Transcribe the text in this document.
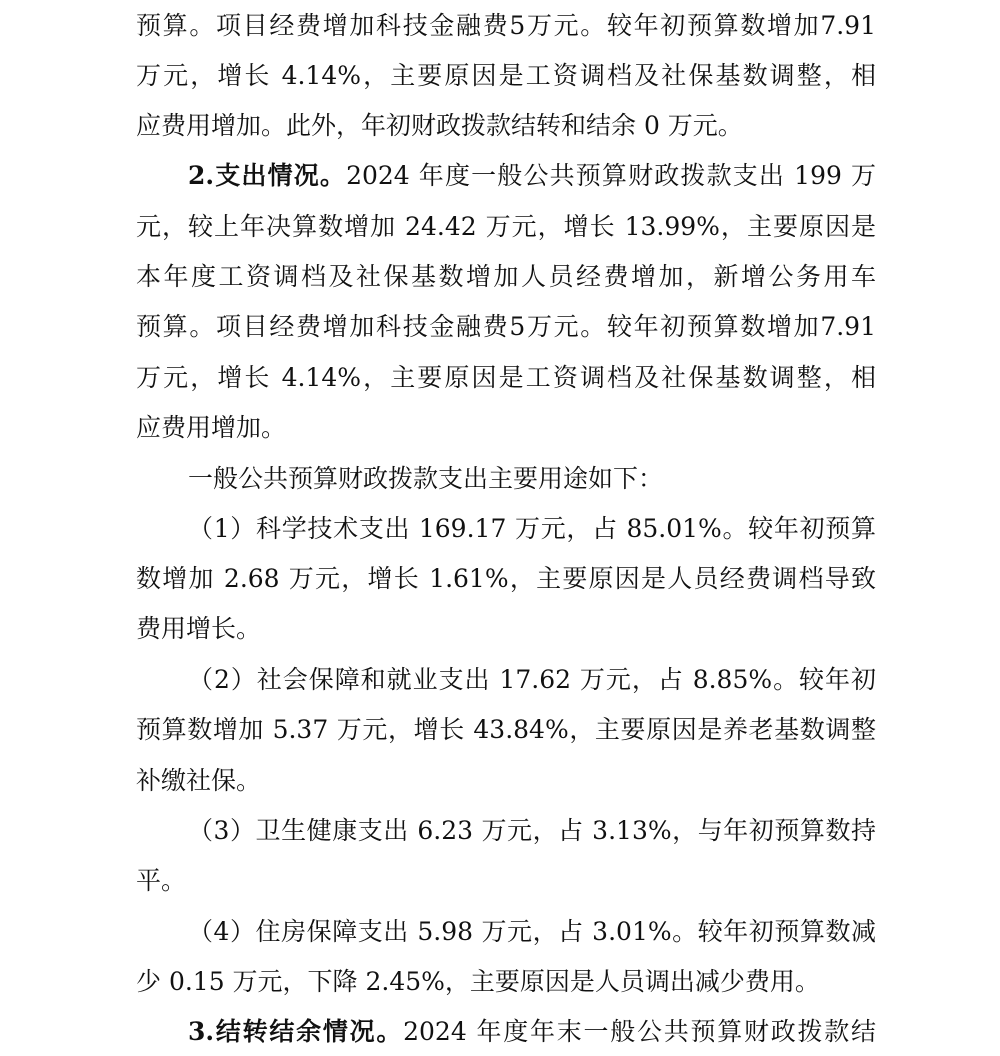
预算。项目经费增加科技金融费5万元。较年初预算数增加7.91
万元，增长 4.14%，主要原因是工资调档及社保基数调整，相
应费用增加。此外，年初财政拨款结转和结余 0 万元。
2.支出情况。2024 年度一般公共预算财政拨款支出 199 万
元，较上年决算数增加 24.42 万元，增长 13.99%，主要原因是
本年度工资调档及社保基数增加人员经费增加，新增公务用车
预算。项目经费增加科技金融费5万元。较年初预算数增加7.91
万元，增长 4.14%，主要原因是工资调档及社保基数调整，相
应费用增加。
一般公共预算财政拨款支出主要用途如下：
（1）科学技术支出 169.17 万元，占 85.01%。较年初预算
数增加 2.68 万元，增长 1.61%，主要原因是人员经费调档导致
费用增长。
（2）社会保障和就业支出 17.62 万元，占 8.85%。较年初
预算数增加 5.37 万元，增长 43.84%，主要原因是养老基数调整
补缴社保。
（3）卫生健康支出 6.23 万元，占 3.13%，与年初预算数持
平。
（4）住房保障支出 5.98 万元，占 3.01%。较年初预算数减
少 0.15 万元，下降 2.45%，主要原因是人员调出减少费用。
3.结转结余情况。2024 年度年末一般公共预算财政拨款结
